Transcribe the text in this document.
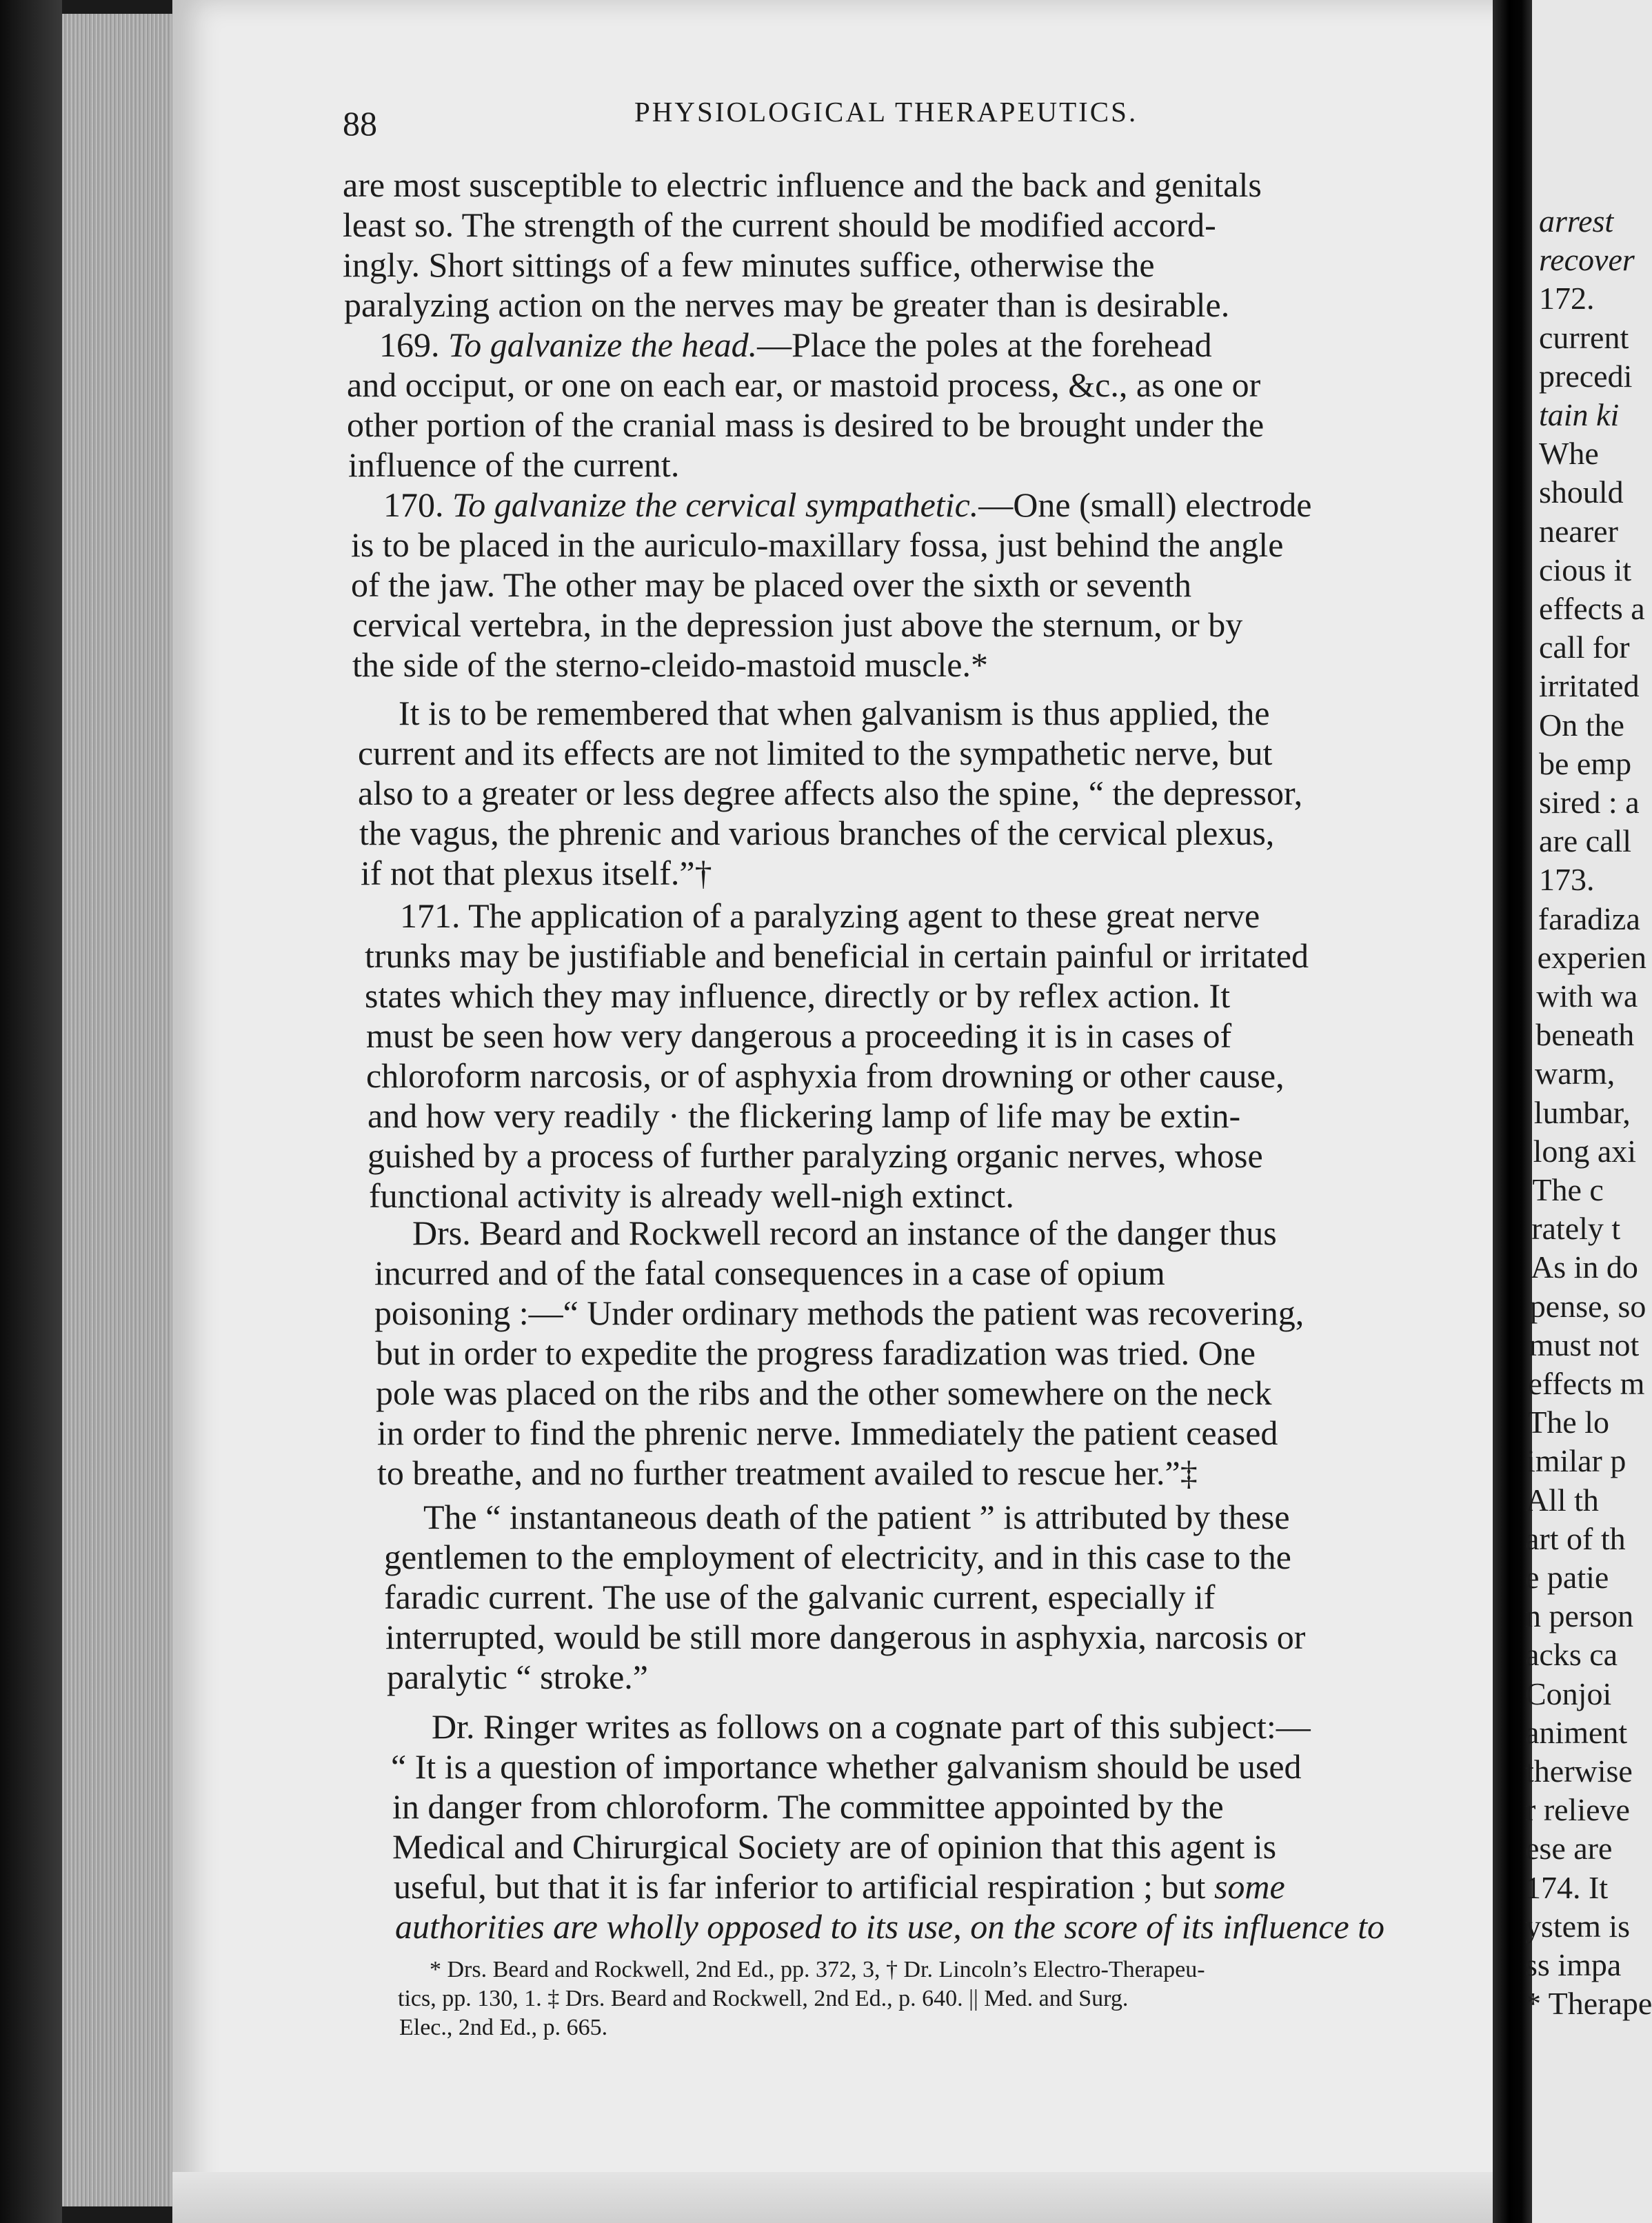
88	PHYSIOLOGICAL THERAPEUTICS.

are most susceptible to electric influence and the back and genitals

least so. The strength of the current should be modified accord-

ingly. Short sittings of a few minutes suffice, otherwise the

paralyzing action on the nerves may be greater than is desirable.

169. To galvanize the head.—Place the poles at the forehead

and occiput, or one on each ear, or mastoid process, &c., as one or

other portion of the cranial mass is desired to be brought under the

influence of the current.

170. To galvanize the cervical sympathetic.—One (small) electrode

is to be placed in the auriculo-maxillary fossa, just behind the angle

of the jaw. The other may be placed over the sixth or seventh

cervical vertebra, in the depression just above the sternum, or by

the side of the sterno-cleido-mastoid muscle.*

It is to be remembered that when galvanism is thus applied, the

current and its effects are not limited to the sympathetic nerve, but

also to a greater or less degree affects also the spine, “ the depressor,

the vagus, the phrenic and various branches of the cervical plexus,

if not that plexus itself.”†

171. The application of a paralyzing agent to these great nerve

trunks may be justifiable and beneficial in certain painful or irritated

states which they may influence, directly or by reflex action. It

must be seen how very dangerous a proceeding it is in cases of

chloroform narcosis, or of asphyxia from drowning or other cause,

and how very readily · the flickering lamp of life may be extin-

guished by a process of further paralyzing organic nerves, whose

functional activity is already well-nigh extinct.

Drs. Beard and Rockwell record an instance of the danger thus

incurred and of the fatal consequences in a case of opium

poisoning :—“ Under ordinary methods the patient was recovering,

but in order to expedite the progress faradization was tried. One

pole was placed on the ribs and the other somewhere on the neck

in order to find the phrenic nerve. Immediately the patient ceased

to breathe, and no further treatment availed to rescue her.”‡

The “ instantaneous death of the patient ” is attributed by these

gentlemen to the employment of electricity, and in this case to the

faradic current. The use of the galvanic current, especially if

interrupted, would be still more dangerous in asphyxia, narcosis or

paralytic “ stroke.”

Dr. Ringer writes as follows on a cognate part of this subject:—

“ It is a question of importance whether galvanism should be used

in danger from chloroform. The committee appointed by the

Medical and Chirurgical Society are of opinion that this agent is

useful, but that it is far inferior to artificial respiration ; but some

authorities are wholly opposed to its use, on the score of its influence to

* Drs. Beard and Rockwell, 2nd Ed., pp. 372, 3, † Dr. Lincoln’s Electro-Therapeu-

tics, pp. 130, 1. ‡ Drs. Beard and Rockwell, 2nd Ed., p. 640. || Med. and Surg.

Elec., 2nd Ed., p. 665.

arrest

recover

172.

current

precedi

tain ki

Whe

should

nearer

cious it

effects a

call for

irritated

On the

be emp

sired : a

are call

173.

faradiza

experien

with wa

beneath

warm,

lumbar,

long axi

The c

rately t

As in do

pense, so

must not

effects m

The lo

imilar p

All th

art of th

e patie

n person

acks ca

Conjoi

animent

therwise

r relieve

ese are

174. It

ystem is

ss impa

* Therape
